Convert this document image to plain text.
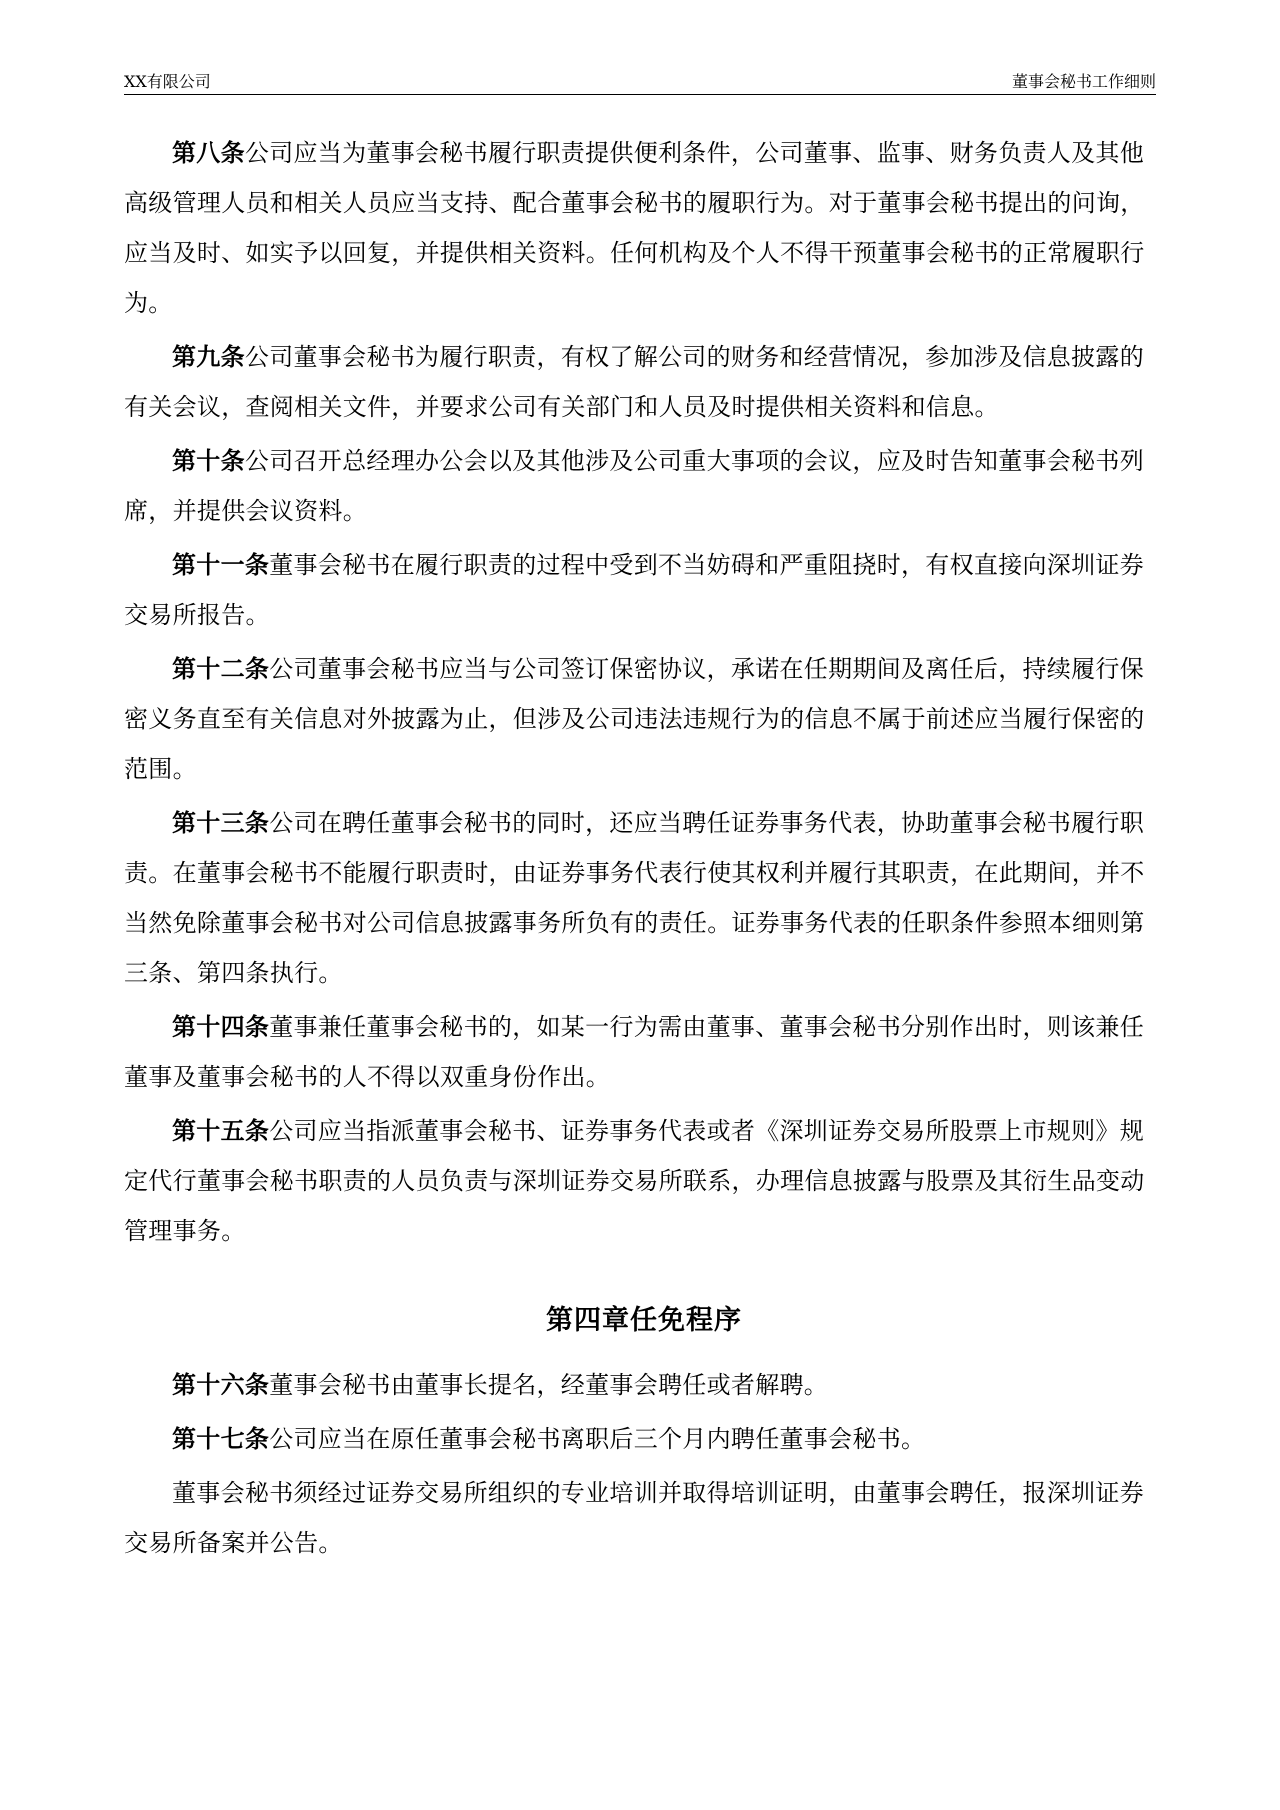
XX有限公司	董事会秘书工作细则

第八条公司应当为董事会秘书履行职责提供便利条件，公司董事、监事、财务负责人及其他高级管理人员和相关人员应当支持、配合董事会秘书的履职行为。对于董事会秘书提出的问询，应当及时、如实予以回复，并提供相关资料。任何机构及个人不得干预董事会秘书的正常履职行为。

第九条公司董事会秘书为履行职责，有权了解公司的财务和经营情况，参加涉及信息披露的有关会议，查阅相关文件，并要求公司有关部门和人员及时提供相关资料和信息。

第十条公司召开总经理办公会以及其他涉及公司重大事项的会议，应及时告知董事会秘书列席，并提供会议资料。

第十一条董事会秘书在履行职责的过程中受到不当妨碍和严重阻挠时，有权直接向深圳证券交易所报告。

第十二条公司董事会秘书应当与公司签订保密协议，承诺在任期期间及离任后，持续履行保密义务直至有关信息对外披露为止，但涉及公司违法违规行为的信息不属于前述应当履行保密的范围。

第十三条公司在聘任董事会秘书的同时，还应当聘任证券事务代表，协助董事会秘书履行职责。在董事会秘书不能履行职责时，由证券事务代表行使其权利并履行其职责，在此期间，并不当然免除董事会秘书对公司信息披露事务所负有的责任。证券事务代表的任职条件参照本细则第三条、第四条执行。

第十四条董事兼任董事会秘书的，如某一行为需由董事、董事会秘书分别作出时，则该兼任董事及董事会秘书的人不得以双重身份作出。

第十五条公司应当指派董事会秘书、证券事务代表或者《深圳证券交易所股票上市规则》规定代行董事会秘书职责的人员负责与深圳证券交易所联系，办理信息披露与股票及其衍生品变动管理事务。

第四章任免程序

第十六条董事会秘书由董事长提名，经董事会聘任或者解聘。

第十七条公司应当在原任董事会秘书离职后三个月内聘任董事会秘书。

董事会秘书须经过证券交易所组织的专业培训并取得培训证明，由董事会聘任，报深圳证券交易所备案并公告。
